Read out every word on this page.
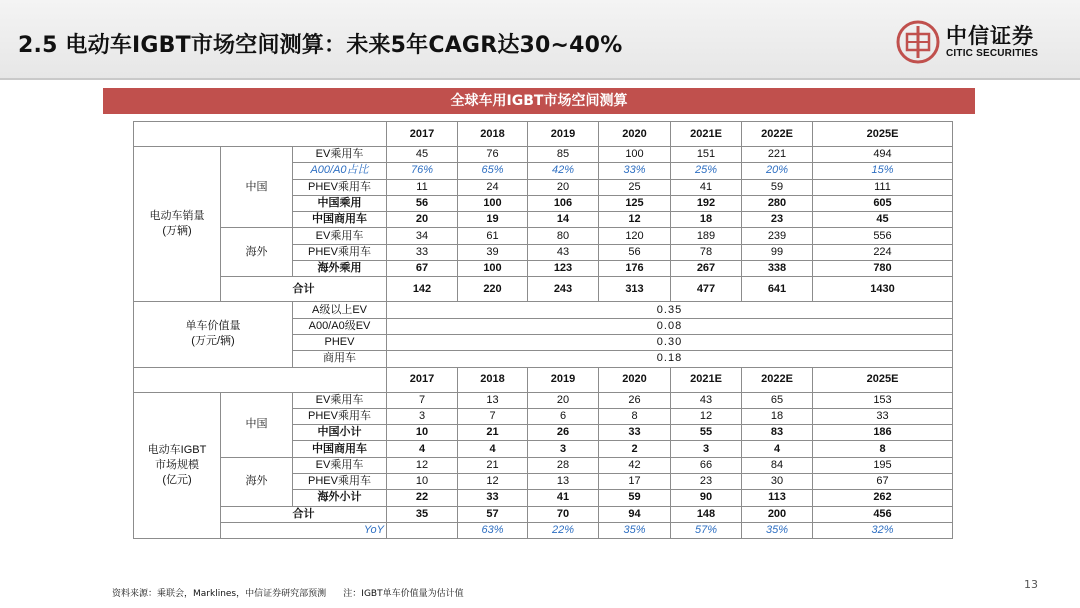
2.5 电动车IGBT市场空间测算：未来5年CAGR达30~40%	中信证券
CITIC SECURITIES
全球车用IGBT市场空间测算
			2017	2018	2019	2020	2021E	2022E	2025E
电动车销量
(万辆)	中国	EV乘用车	45	76	85	100	151	221	494
		A00/A0占比	76%	65%	42%	33%	25%	20%	15%
		PHEV乘用车	11	24	20	25	41	59	111
		中国乘用	56	100	106	125	192	280	605
		中国商用车	20	19	14	12	18	23	45
	海外	EV乘用车	34	61	80	120	189	239	556
		PHEV乘用车	33	39	43	56	78	99	224
		海外乘用	67	100	123	176	267	338	780
	合计		142	220	243	313	477	641	1430
单车价值量
(万元/辆)		A级以上EV	0.35						
		A00/A0级EV	0.08						
		PHEV	0.30						
		商用车	0.18						
			2017	2018	2019	2020	2021E	2022E	2025E
电动车IGBT
市场规模
(亿元)	中国	EV乘用车	7	13	20	26	43	65	153
		PHEV乘用车	3	7	6	8	12	18	33
		中国小计	10	21	26	33	55	83	186
		中国商用车	4	4	3	2	3	4	8
	海外	EV乘用车	12	21	28	42	66	84	195
		PHEV乘用车	10	12	13	17	23	30	67
		海外小计	22	33	41	59	90	113	262
	合计		35	57	70	94	148	200	456
	YoY			63%	22%	35%	57%	35%	32%
资料来源：乘联会，Marklines，中信证券研究部预测      注：IGBT单车价值量为估计值
13
